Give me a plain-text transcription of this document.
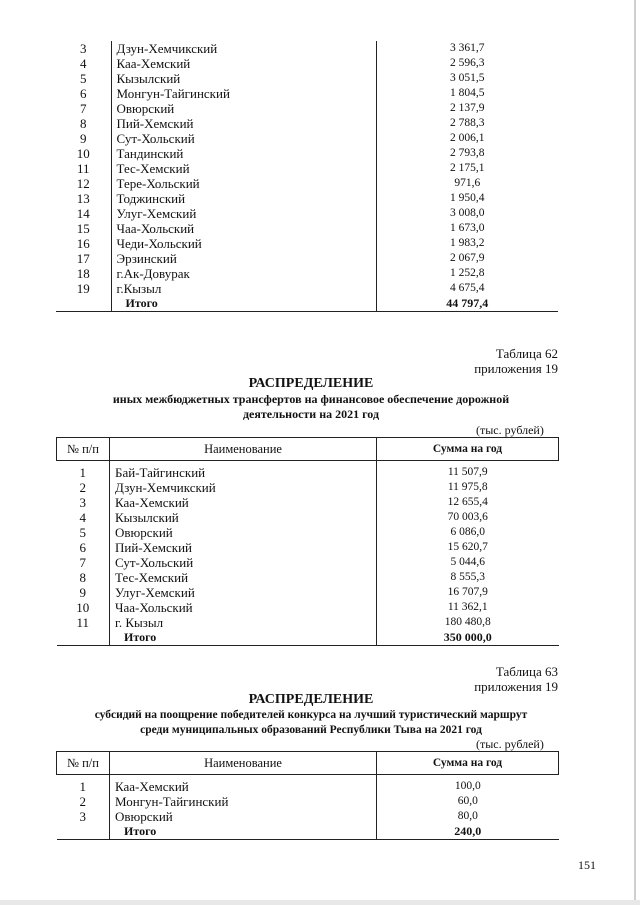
3	Дзун-Хемчикский	3 361,7
4	Каа-Хемский	2 596,3
5	Кызылский	3 051,5
6	Монгун-Тайгинский	1 804,5
7	Овюрский	2 137,9
8	Пий-Хемский	2 788,3
9	Сут-Хольский	2 006,1
10	Тандинский	2 793,8
11	Тес-Хемский	2 175,1
12	Тере-Хольский	971,6
13	Тоджинский	1 950,4
14	Улуг-Хемский	3 008,0
15	Чаа-Хольский	1 673,0
16	Чеди-Хольский	1 983,2
17	Эрзинский	2 067,9
18	г.Ак-Довурак	1 252,8
19	г.Кызыл	4 675,4
	Итого	44 797,4
Таблица 62
приложения 19
РАСПРЕДЕЛЕНИЕ
иных межбюджетных трансфертов на финансовое обеспечение дорожной
деятельности на 2021 год
(тыс. рублей)
№ п/п	Наименование	Сумма на год
1	Бай-Тайгинский	11 507,9
2	Дзун-Хемчикский	11 975,8
3	Каа-Хемский	12 655,4
4	Кызылский	70 003,6
5	Овюрский	6 086,0
6	Пий-Хемский	15 620,7
7	Сут-Хольский	5 044,6
8	Тес-Хемский	8 555,3
9	Улуг-Хемский	16 707,9
10	Чаа-Хольский	11 362,1
11	г. Кызыл	180 480,8
	Итого	350 000,0
Таблица 63
приложения 19
РАСПРЕДЕЛЕНИЕ
субсидий на поощрение победителей конкурса на лучший туристический маршрут
среди муниципальных образований Республики Тыва на 2021 год
(тыс. рублей)
№ п/п	Наименование	Сумма на год
1	Каа-Хемский	100,0
2	Монгун-Тайгинский	60,0
3	Овюрский	80,0
	Итого	240,0
151
